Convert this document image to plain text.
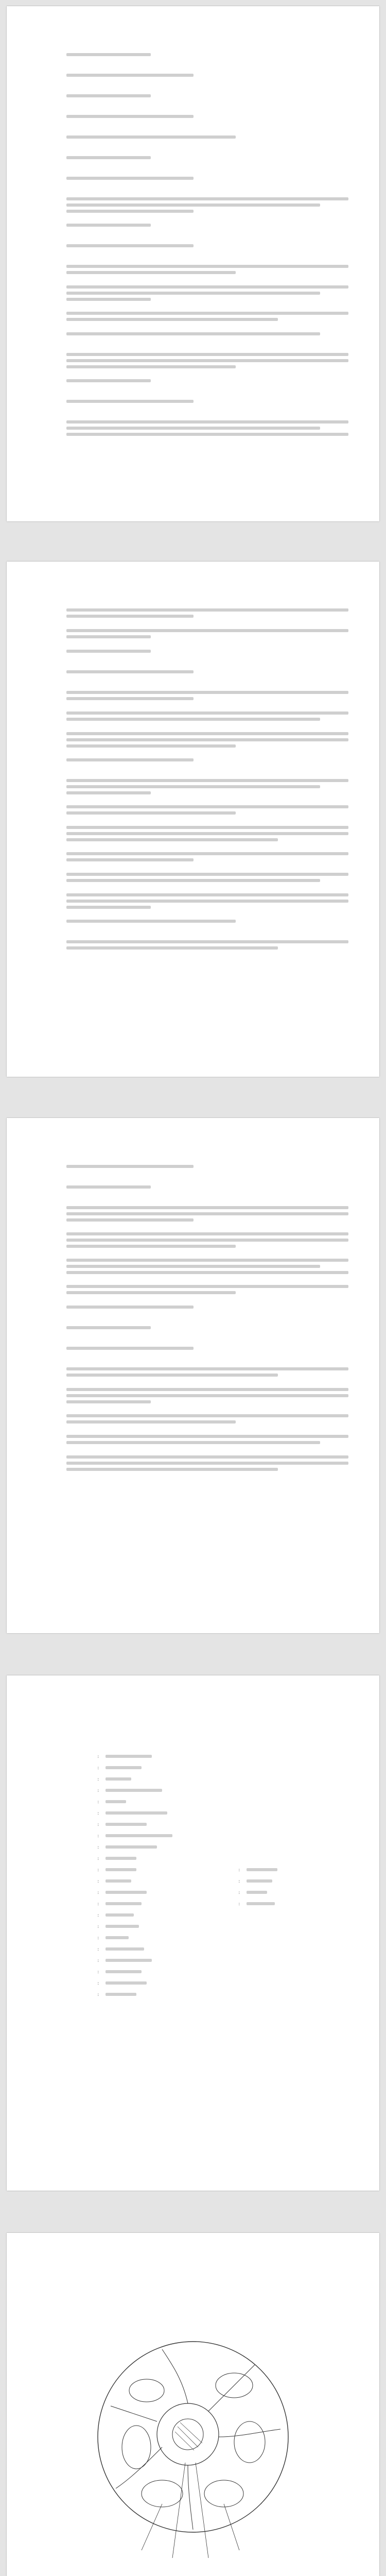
:
:
:
:
:
:
:
:
:
:
:
:
:
:
:
:
:
:
:
:
:
:
:
:
:
:
